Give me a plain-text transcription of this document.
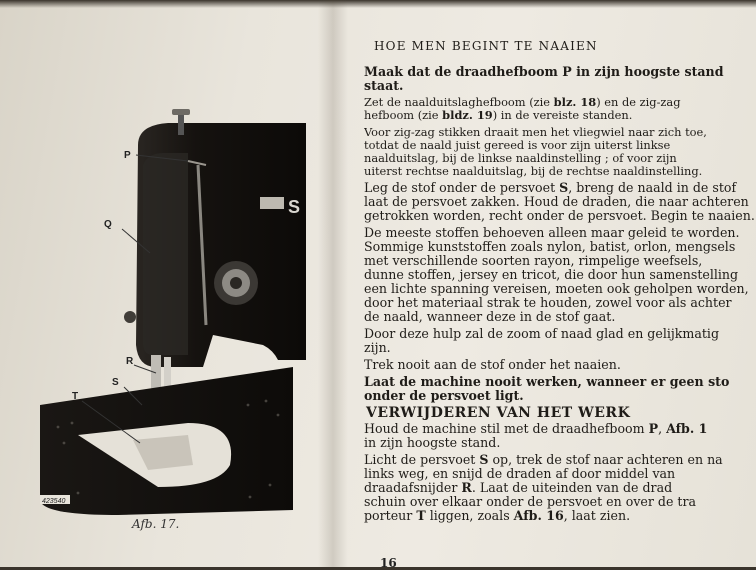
S
423540
P
Q
R
S
T
Afb. 17.

HOE MEN BEGINT TE NAAIEN

Maak dat de draadhefboom P in zijn hoogste stand staat.

Zet de naalduitslaghefboom (zie blz. 18) en de zig-zag
hefboom (zie bldz. 19) in de vereiste standen.

Voor zig-zag stikken draait men het vliegwiel naar zich toe,
totdat de naald juist gereed is voor zijn uiterst linkse
naalduitslag, bij de linkse naaldinstelling ; of voor zijn
uiterst rechtse naalduitslag, bij de rechtse naaldinstelling.

Leg de stof onder de persvoet S, breng de naald in de stof
laat de persvoet zakken. Houd de draden, die naar achteren
getrokken worden, recht onder de persvoet. Begin te naaien.

De meeste stoffen behoeven alleen maar geleid te worden.
Sommige kunststoffen zoals nylon, batist, orlon, mengsels
met verschillende soorten rayon, rimpelige weefsels,
dunne stoffen, jersey en tricot, die door hun samenstelling
een lichte spanning vereisen, moeten ook geholpen worden,
door het materiaal strak te houden, zowel voor als achter
de naald, wanneer deze in de stof gaat.

Door deze hulp zal de zoom of naad glad en gelijkmatig
zijn.

Trek nooit aan de stof onder het naaien.

Laat de machine nooit werken, wanneer er geen sto
onder de persvoet ligt.

VERWIJDEREN VAN HET WERK

Houd de machine stil met de draadhefboom P, Afb. 1
in zijn hoogste stand.

Licht de persvoet S op, trek de stof naar achteren en na
links weg, en snijd de draden af door middel van
draadafsnijder R. Laat de uiteinden van de drad
schuin over elkaar onder de persvoet en over de tra
porteur T liggen, zoals Afb. 16, laat zien.

16
